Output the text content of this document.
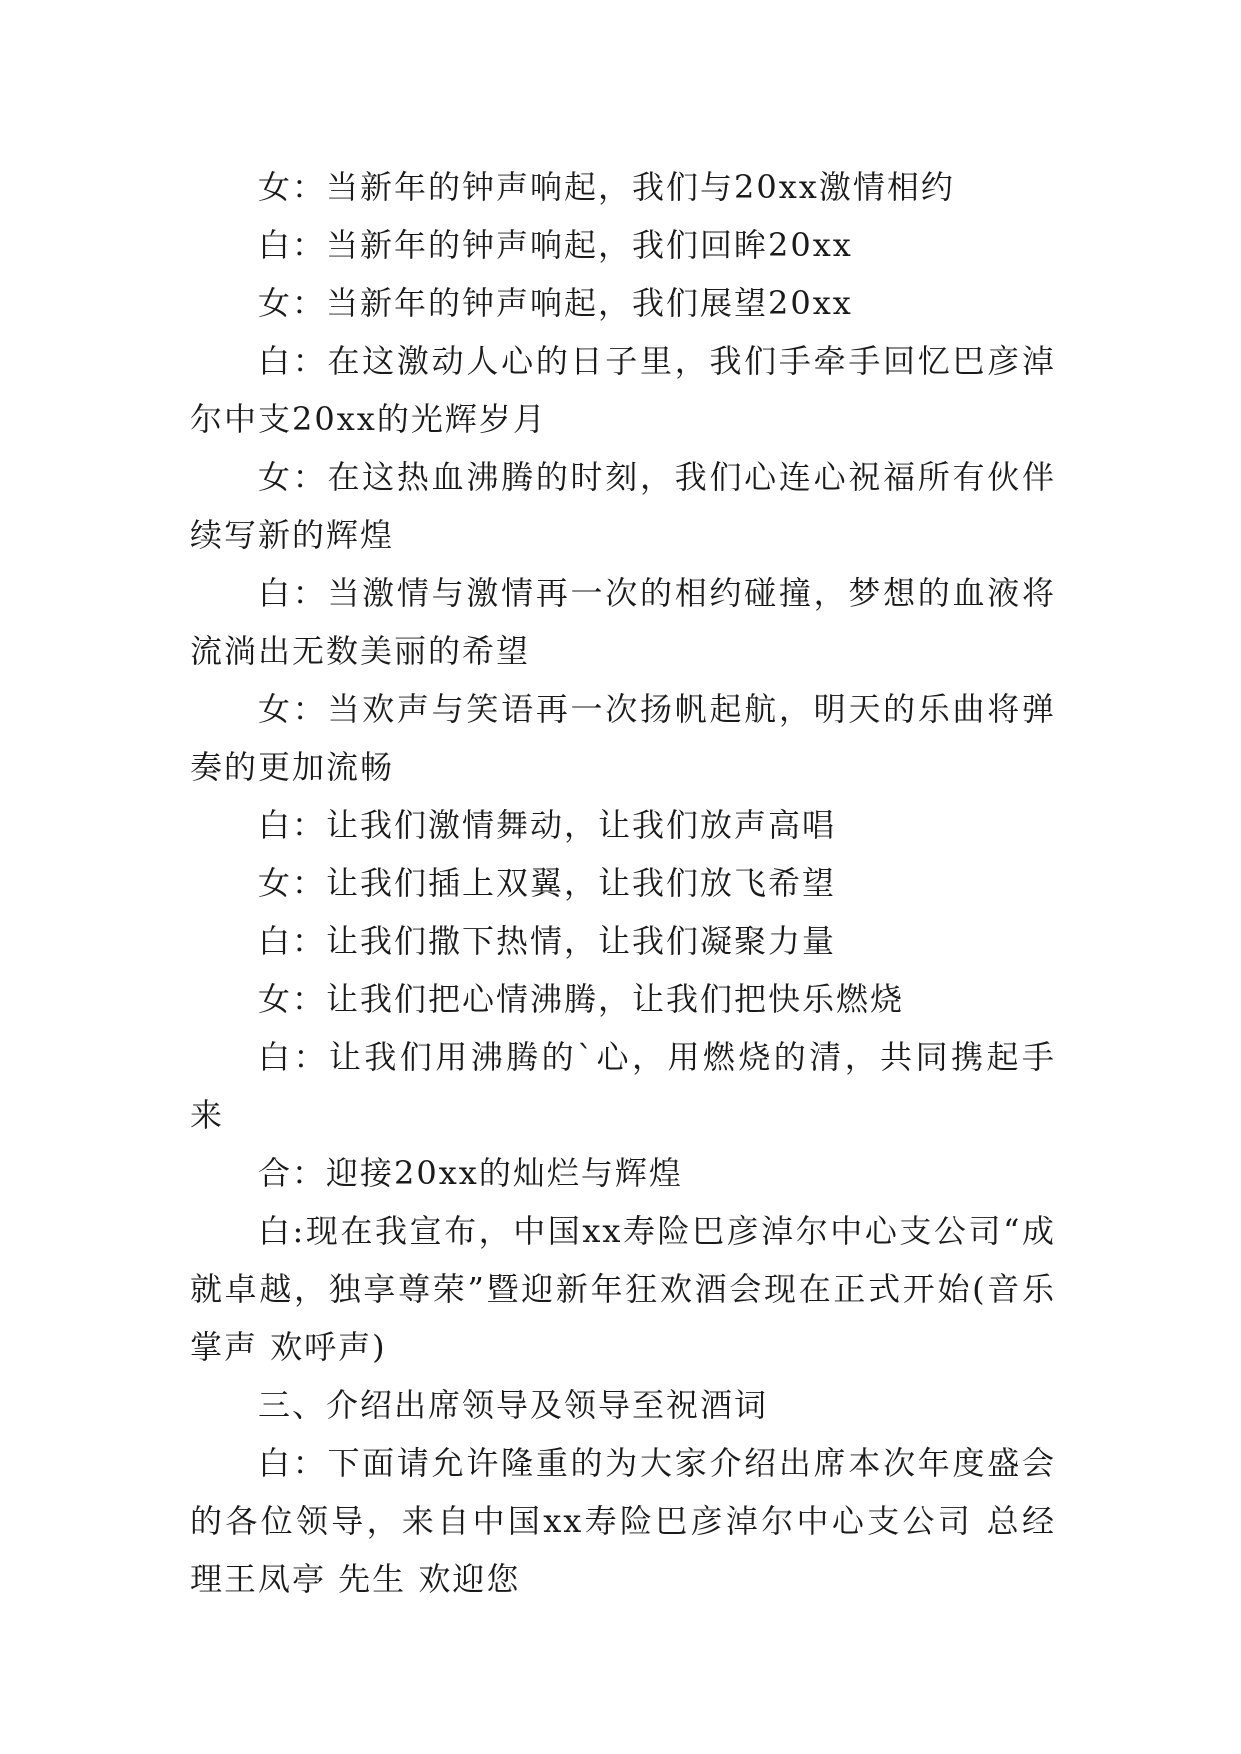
女：当新年的钟声响起，我们与20xx激情相约

白：当新年的钟声响起，我们回眸20xx

女：当新年的钟声响起，我们展望20xx

白：在这激动人心的日子里，我们手牵手回忆巴彦淖尔中支20xx的光辉岁月

女：在这热血沸腾的时刻，我们心连心祝福所有伙伴续写新的辉煌

白：当激情与激情再一次的相约碰撞，梦想的血液将流淌出无数美丽的希望

女：当欢声与笑语再一次扬帆起航，明天的乐曲将弹奏的更加流畅

白：让我们激情舞动，让我们放声高唱

女：让我们插上双翼，让我们放飞希望

白：让我们撒下热情，让我们凝聚力量

女：让我们把心情沸腾，让我们把快乐燃烧

白：让我们用沸腾的`心，用燃烧的清，共同携起手来

合：迎接20xx的灿烂与辉煌

白:现在我宣布，中国xx寿险巴彦淖尔中心支公司“成就卓越，独享尊荣”暨迎新年狂欢酒会现在正式开始(音乐掌声 欢呼声)

三、介绍出席领导及领导至祝酒词

白：下面请允许隆重的为大家介绍出席本次年度盛会的各位领导，来自中国xx寿险巴彦淖尔中心支公司 总经理王凤亭 先生 欢迎您
